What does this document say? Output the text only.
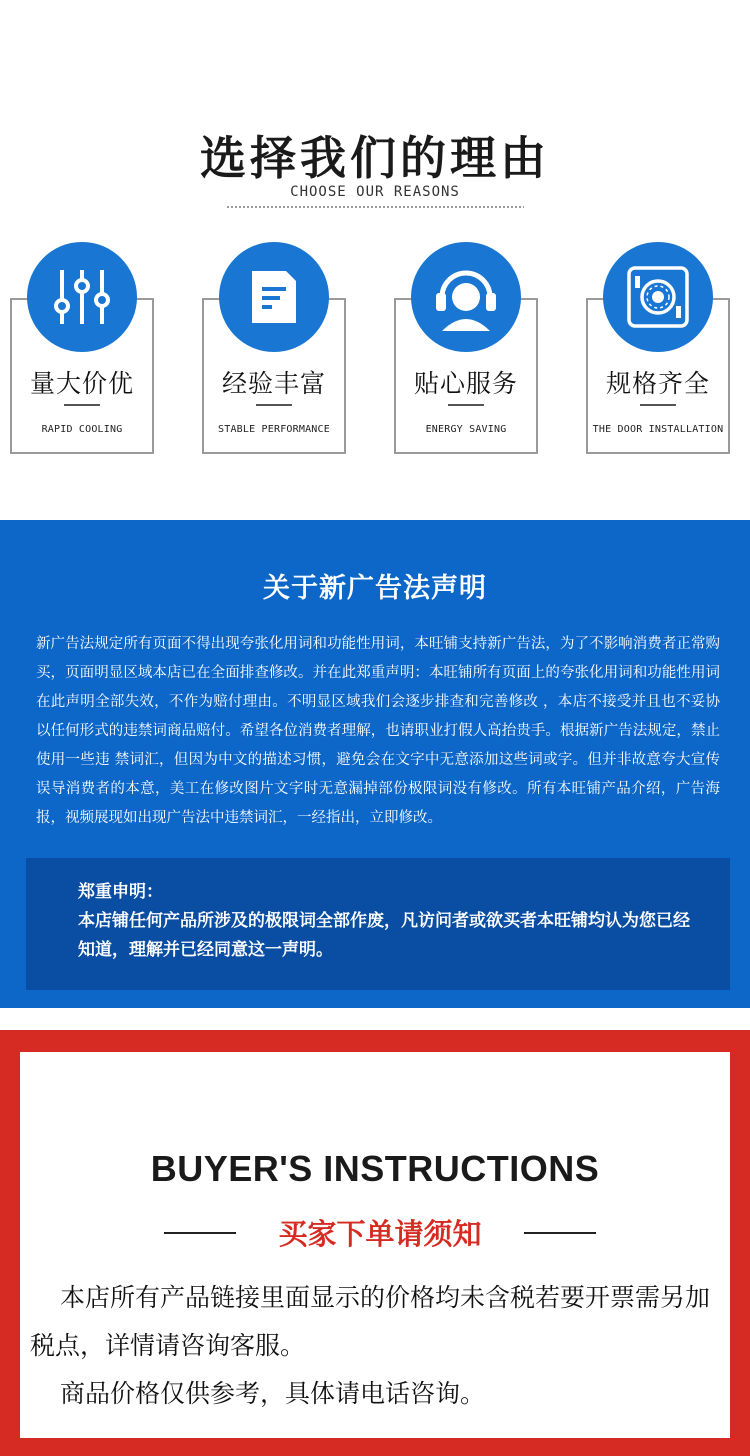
选择我们的理由
CHOOSE OUR REASONS
量大价优
RAPID COOLING
经验丰富
STABLE PERFORMANCE
贴心服务
ENERGY SAVING
规格齐全
THE DOOR INSTALLATION
关于新广告法声明

新广告法规定所有页面不得出现夸张化用词和功能性用词，本旺铺支持新广告法，为了不影响消费者正常购买，页面明显区域本店已在全面排查修改。并在此郑重声明：本旺铺所有页面上的夸张化用词和功能性用词在此声明全部失效，不作为赔付理由。不明显区域我们会逐步排查和完善修改 ，本店不接受并且也不妥协以任何形式的违禁词商品赔付。希望各位消费者理解，也请职业打假人高抬贵手。根据新广告法规定，禁止使用一些违 禁词汇，但因为中文的描述习惯，避免会在文字中无意添加这些词或字。但并非故意夸大宣传误导消费者的本意，美工在修改图片文字时无意漏掉部份极限词没有修改。所有本旺铺产品介绍，广告海报，视频展现如出现广告法中违禁词汇，一经指出，立即修改。

郑重申明：
本店铺任何产品所涉及的极限词全部作废，凡访问者或欲买者本旺铺均认为您已经知道，理解并已经同意这一声明。
BUYER'S INSTRUCTIONS
买家下单请须知

本店所有产品链接里面显示的价格均未含税若要开票需另加税点，详情请咨询客服。

商品价格仅供参考，具体请电话咨询。
